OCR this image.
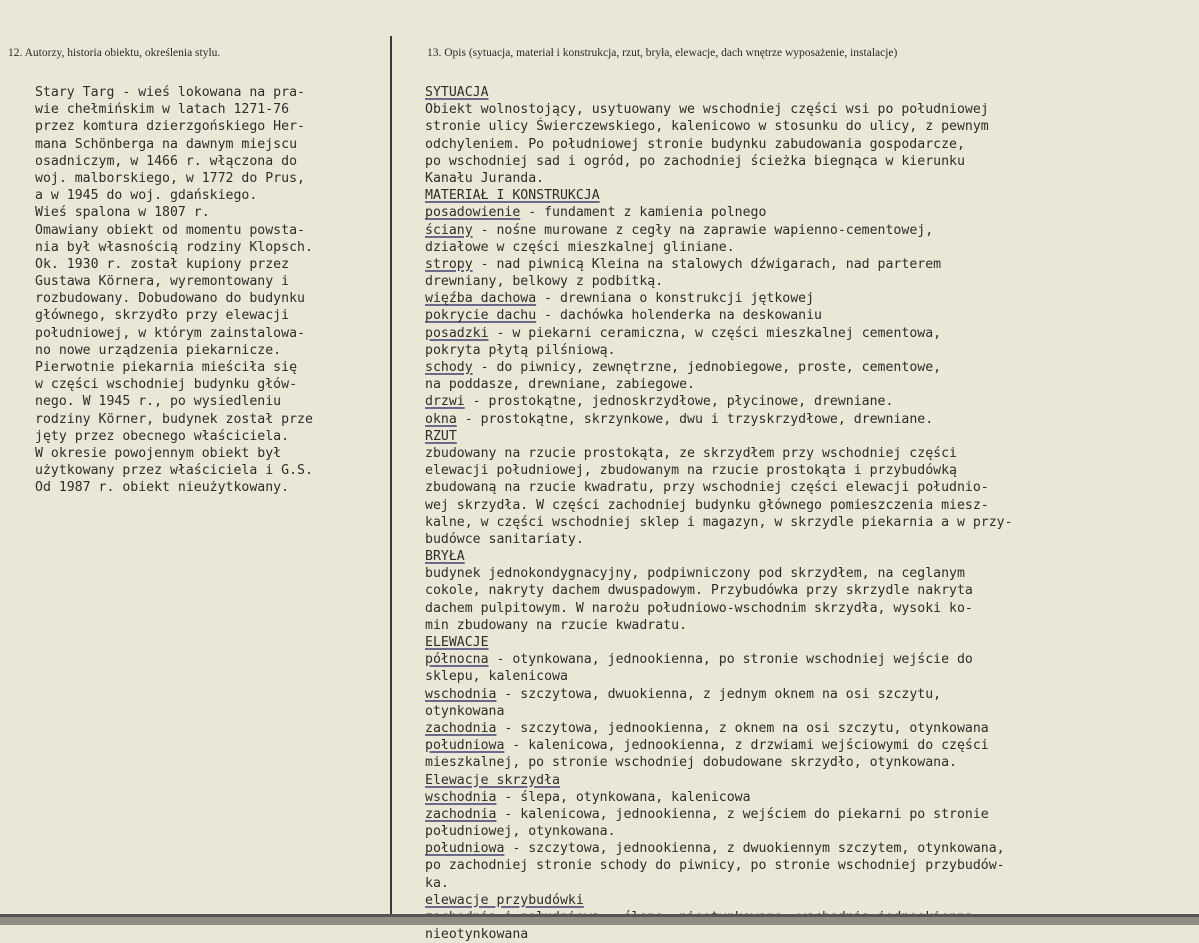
12. Autorzy, historia obiektu, określenia stylu.	13. Opis (sytuacja, materiał i konstrukcja, rzut, bryła, elewacje, dach wnętrze wyposażenie, instalacje)
Stary Targ - wieś lokowana na pra-
wie chełmińskim w latach 1271-76
przez komtura dzierzgońskiego Her-
mana Schönberga na dawnym miejscu
osadniczym, w 1466 r. włączona do
woj. malborskiego, w 1772 do Prus,
a w 1945 do woj. gdańskiego.
Wieś spalona w 1807 r.
Omawiany obiekt od momentu powsta-
nia był własnością rodziny Klopsch.
Ok. 1930 r. został kupiony przez
Gustawa Körnera, wyremontowany i
rozbudowany. Dobudowano do budynku
głównego, skrzydło przy elewacji
południowej, w którym zainstalowa-
no nowe urządzenia piekarnicze.
Pierwotnie piekarnia mieściła się
w części wschodniej budynku głów-
nego. W 1945 r., po wysiedleniu
rodziny Körner, budynek został prze
jęty przez obecnego właściciela.
W okresie powojennym obiekt był
użytkowany przez właściciela i G.S.
Od 1987 r. obiekt nieużytkowany.
SYTUACJA
Obiekt wolnostojący, usytuowany we wschodniej części wsi po południowej
stronie ulicy Świerczewskiego, kalenicowo w stosunku do ulicy, z pewnym
odchyleniem. Po południowej stronie budynku zabudowania gospodarcze,
po wschodniej sad i ogród, po zachodniej ścieżka biegnąca w kierunku
Kanału Juranda.
MATERIAŁ I KONSTRUKCJA
posadowienie - fundament z kamienia polnego
ściany - nośne murowane z cegły na zaprawie wapienno-cementowej,
działowe w części mieszkalnej gliniane.
stropy - nad piwnicą Kleina na stalowych dźwigarach, nad parterem
drewniany, belkowy z podbitką.
więźba dachowa - drewniana o konstrukcji jętkowej
pokrycie dachu - dachówka holenderka na deskowaniu
posadzki - w piekarni ceramiczna, w części mieszkalnej cementowa,
pokryta płytą pilśniową.
schody - do piwnicy, zewnętrzne, jednobiegowe, proste, cementowe,
na poddasze, drewniane, zabiegowe.
drzwi - prostokątne, jednoskrzydłowe, płycinowe, drewniane.
okna - prostokątne, skrzynkowe, dwu i trzyskrzydłowe, drewniane.
RZUT
zbudowany na rzucie prostokąta, ze skrzydłem przy wschodniej części
elewacji południowej, zbudowanym na rzucie prostokąta i przybudówką
zbudowaną na rzucie kwadratu, przy wschodniej części elewacji południo-
wej skrzydła. W części zachodniej budynku głównego pomieszczenia miesz-
kalne, w części wschodniej sklep i magazyn, w skrzydle piekarnia a w przy-
budówce sanitariaty.
BRYŁA
budynek jednokondygnacyjny, podpiwniczony pod skrzydłem, na ceglanym
cokole, nakryty dachem dwuspadowym. Przybudówka przy skrzydle nakryta
dachem pulpitowym. W narożu południowo-wschodnim skrzydła, wysoki ko-
min zbudowany na rzucie kwadratu.
ELEWACJE
północna - otynkowana, jednookienna, po stronie wschodniej wejście do
sklepu, kalenicowa
wschodnia - szczytowa, dwuokienna, z jednym oknem na osi szczytu,
otynkowana
zachodnia - szczytowa, jednookienna, z oknem na osi szczytu, otynkowana
południowa - kalenicowa, jednookienna, z drzwiami wejściowymi do części
mieszkalnej, po stronie wschodniej dobudowane skrzydło, otynkowana.
Elewacje skrzydła
wschodnia - ślepa, otynkowana, kalenicowa
zachodnia - kalenicowa, jednookienna, z wejściem do piekarni po stronie
południowej, otynkowana.
południowa - szczytowa, jednookienna, z dwuokiennym szczytem, otynkowana,
po zachodniej stronie schody do piwnicy, po stronie wschodniej przybudów-
ka.
elewacje przybudówki
nieotynkowana
